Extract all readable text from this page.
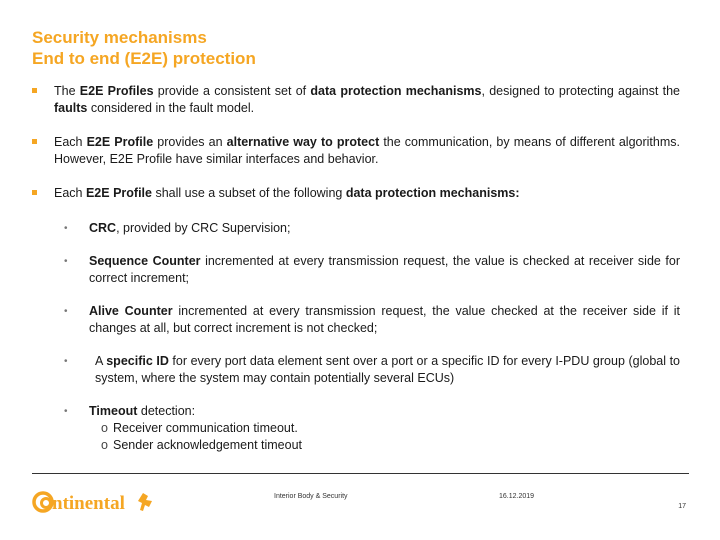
Security mechanisms
End to end (E2E) protection
The E2E Profiles provide a consistent set of data protection mechanisms, designed to protecting against the faults considered in the fault model.
Each E2E Profile provides an alternative way to protect the communication, by means of different algorithms. However, E2E Profile have similar interfaces and behavior.
Each E2E Profile shall use a subset of the following data protection mechanisms:
• CRC, provided by CRC Supervision;
• Sequence Counter incremented at every transmission request, the value is checked at receiver side for correct increment;
• Alive Counter incremented at every transmission request, the value checked at the receiver side if it changes at all, but correct increment is not checked;
• A specific ID for every port data element sent over a port or a specific ID for every I-PDU group (global to system, where the system may contain potentially several ECUs)
• Timeout detection:
o Receiver communication timeout.
o Sender acknowledgement timeout
ntinental	Interior Body & Security	16.12.2019
17
